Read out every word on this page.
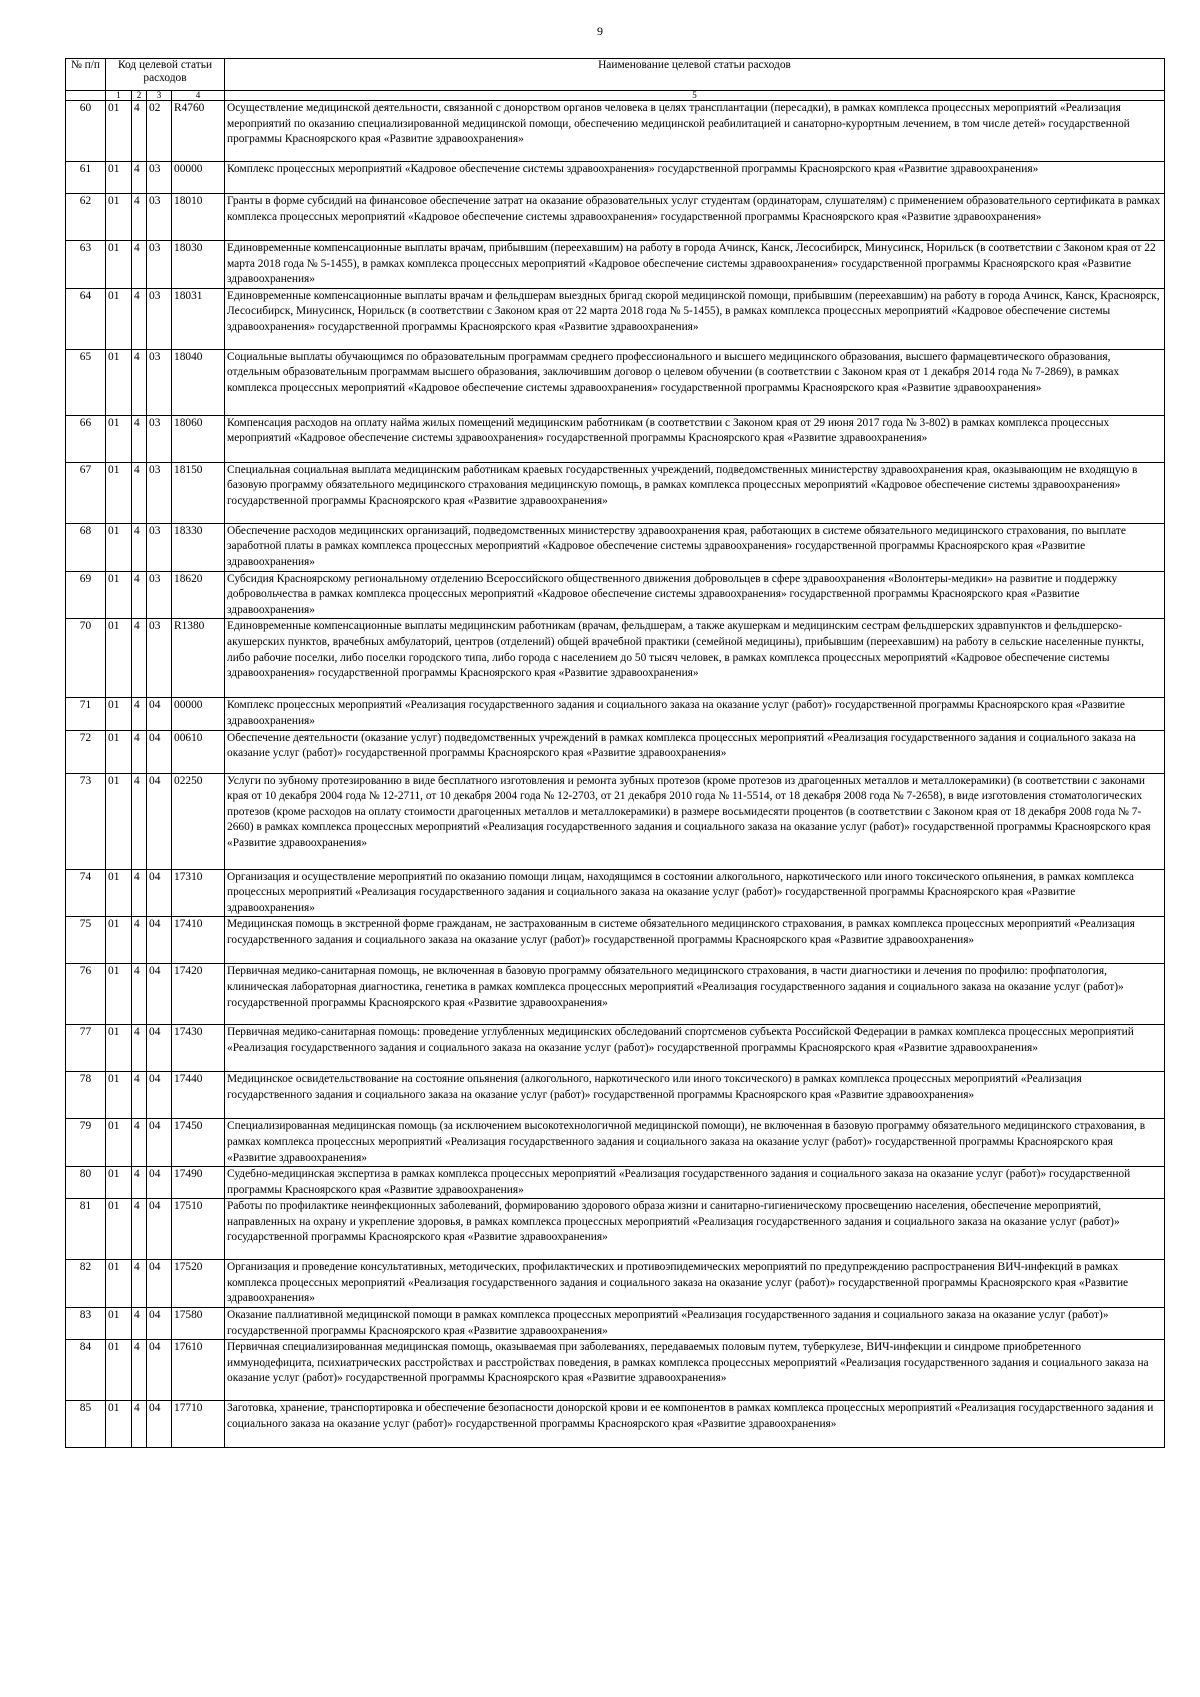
9
№ п/п	Код целевой статьи расходов				Наименование целевой статьи расходов
	1	2	3	4	5
60	01	4	02	R4760	Осуществление медицинской деятельности, связанной с донорством органов человека в целях трансплантации (пересадки), в рамках комплекса процессных мероприятий «Реализация мероприятий по оказанию специализированной медицинской помощи, обеспечению медицинской реабилитацией и санаторно-курортным лечением, в том числе детей» государственной программы Красноярского края «Развитие здравоохранения»
61	01	4	03	00000	Комплекс процессных мероприятий «Кадровое обеспечение системы здравоохранения» государственной программы Красноярского края «Развитие здравоохранения»
62	01	4	03	18010	Гранты в форме субсидий на финансовое обеспечение затрат на оказание образовательных услуг студентам (ординаторам, слушателям) с применением образовательного сертификата в рамках комплекса процессных мероприятий «Кадровое обеспечение системы здравоохранения» государственной программы Красноярского края «Развитие здравоохранения»
63	01	4	03	18030	Единовременные компенсационные выплаты врачам, прибывшим (переехавшим) на работу в города Ачинск, Канск, Лесосибирск, Минусинск, Норильск (в соответствии с Законом края от 22 марта 2018 года № 5-1455), в рамках комплекса процессных мероприятий «Кадровое обеспечение системы здравоохранения» государственной программы Красноярского края «Развитие здравоохранения»
64	01	4	03	18031	Единовременные компенсационные выплаты врачам и фельдшерам выездных бригад скорой медицинской помощи, прибывшим (переехавшим) на работу в города Ачинск, Канск, Красноярск, Лесосибирск, Минусинск, Норильск (в соответствии с Законом края от 22 марта 2018 года № 5-1455), в рамках комплекса процессных мероприятий «Кадровое обеспечение системы здравоохранения» государственной программы Красноярского края «Развитие здравоохранения»
65	01	4	03	18040	Социальные выплаты обучающимся по образовательным программам среднего профессионального и высшего медицинского образования, высшего фармацевтического образования, отдельным образовательным программам высшего образования, заключившим договор о целевом обучении (в соответствии с Законом края от 1 декабря 2014 года № 7-2869), в рамках комплекса процессных мероприятий «Кадровое обеспечение системы здравоохранения» государственной программы Красноярского края «Развитие здравоохранения»
66	01	4	03	18060	Компенсация расходов на оплату найма жилых помещений медицинским работникам (в соответствии с Законом края от 29 июня 2017 года № 3-802) в рамках комплекса процессных мероприятий «Кадровое обеспечение системы здравоохранения» государственной программы Красноярского края «Развитие здравоохранения»
67	01	4	03	18150	Специальная социальная выплата медицинским работникам краевых государственных учреждений, подведомственных министерству здравоохранения края, оказывающим не входящую в базовую программу обязательного медицинского страхования медицинскую помощь, в рамках комплекса процессных мероприятий «Кадровое обеспечение системы здравоохранения» государственной программы Красноярского края «Развитие здравоохранения»
68	01	4	03	18330	Обеспечение расходов медицинских организаций, подведомственных министерству здравоохранения края, работающих в системе обязательного медицинского страхования, по выплате заработной платы в рамках комплекса процессных мероприятий «Кадровое обеспечение системы здравоохранения» государственной программы Красноярского края «Развитие здравоохранения»
69	01	4	03	18620	Субсидия Красноярскому региональному отделению Всероссийского общественного движения добровольцев в сфере здравоохранения «Волонтеры-медики» на развитие и поддержку добровольчества в рамках комплекса процессных мероприятий «Кадровое обеспечение системы здравоохранения» государственной программы Красноярского края «Развитие здравоохранения»
70	01	4	03	R1380	Единовременные компенсационные выплаты медицинским работникам (врачам, фельдшерам, а также акушеркам и медицинским сестрам фельдшерских здравпунктов и фельдшерско-акушерских пунктов, врачебных амбулаторий, центров (отделений) общей врачебной практики (семейной медицины), прибывшим (переехавшим) на работу в сельские населенные пункты, либо рабочие поселки, либо поселки городского типа, либо города с населением до 50 тысяч человек, в рамках комплекса процессных мероприятий «Кадровое обеспечение системы здравоохранения» государственной программы Красноярского края «Развитие здравоохранения»
71	01	4	04	00000	Комплекс процессных мероприятий «Реализация государственного задания и социального заказа на оказание услуг (работ)» государственной программы Красноярского края «Развитие здравоохранения»
72	01	4	04	00610	Обеспечение деятельности (оказание услуг) подведомственных учреждений в рамках комплекса процессных мероприятий «Реализация государственного задания и социального заказа на оказание услуг (работ)» государственной программы Красноярского края «Развитие здравоохранения»
73	01	4	04	02250	Услуги по зубному протезированию в виде бесплатного изготовления и ремонта зубных протезов (кроме протезов из драгоценных металлов и металлокерамики) (в соответствии с законами края от 10 декабря 2004 года № 12-2711, от 10 декабря 2004 года № 12-2703, от 21 декабря 2010 года № 11-5514, от 18 декабря 2008 года № 7-2658), в виде изготовления стоматологических протезов (кроме расходов на оплату стоимости драгоценных металлов и металлокерамики) в размере восьмидесяти процентов (в соответствии с Законом края от 18 декабря 2008 года № 7-2660) в рамках комплекса процессных мероприятий «Реализация государственного задания и социального заказа на оказание услуг (работ)» государственной программы Красноярского края «Развитие здравоохранения»
74	01	4	04	17310	Организация и осуществление мероприятий по оказанию помощи лицам, находящимся в состоянии алкогольного, наркотического или иного токсического опьянения, в рамках комплекса процессных мероприятий «Реализация государственного задания и социального заказа на оказание услуг (работ)» государственной программы Красноярского края «Развитие здравоохранения»
75	01	4	04	17410	Медицинская помощь в экстренной форме гражданам, не застрахованным в системе обязательного медицинского страхования, в рамках комплекса процессных мероприятий «Реализация государственного задания и социального заказа на оказание услуг (работ)» государственной программы Красноярского края «Развитие здравоохранения»
76	01	4	04	17420	Первичная медико-санитарная помощь, не включенная в базовую программу обязательного медицинского страхования, в части диагностики и лечения по профилю: профпатология, клиническая лабораторная диагностика, генетика в рамках комплекса процессных мероприятий «Реализация государственного задания и социального заказа на оказание услуг (работ)» государственной программы Красноярского края «Развитие здравоохранения»
77	01	4	04	17430	Первичная медико-санитарная помощь: проведение углубленных медицинских обследований спортсменов субъекта Российской Федерации в рамках комплекса процессных мероприятий «Реализация государственного задания и социального заказа на оказание услуг (работ)» государственной программы Красноярского края «Развитие здравоохранения»
78	01	4	04	17440	Медицинское освидетельствование на состояние опьянения (алкогольного, наркотического или иного токсического) в рамках комплекса процессных мероприятий «Реализация государственного задания и социального заказа на оказание услуг (работ)» государственной программы Красноярского края «Развитие здравоохранения»
79	01	4	04	17450	Специализированная медицинская помощь (за исключением высокотехнологичной медицинской помощи), не включенная в базовую программу обязательного медицинского страхования, в рамках комплекса процессных мероприятий «Реализация государственного задания и социального заказа на оказание услуг (работ)» государственной программы Красноярского края «Развитие здравоохранения»
80	01	4	04	17490	Судебно-медицинская экспертиза в рамках комплекса процессных мероприятий «Реализация государственного задания и социального заказа на оказание услуг (работ)» государственной программы Красноярского края «Развитие здравоохранения»
81	01	4	04	17510	Работы по профилактике неинфекционных заболеваний, формированию здорового образа жизни и санитарно-гигиеническому просвещению населения, обеспечение мероприятий, направленных на охрану и укрепление здоровья, в рамках комплекса процессных мероприятий «Реализация государственного задания и социального заказа на оказание услуг (работ)» государственной программы Красноярского края «Развитие здравоохранения»
82	01	4	04	17520	Организация и проведение консультативных, методических, профилактических и противоэпидемических мероприятий по предупреждению распространения ВИЧ-инфекций в рамках комплекса процессных мероприятий «Реализация государственного задания и социального заказа на оказание услуг (работ)» государственной программы Красноярского края «Развитие здравоохранения»
83	01	4	04	17580	Оказание паллиативной медицинской помощи в рамках комплекса процессных мероприятий «Реализация государственного задания и социального заказа на оказание услуг (работ)» государственной программы Красноярского края «Развитие здравоохранения»
84	01	4	04	17610	Первичная специализированная медицинская помощь, оказываемая при заболеваниях, передаваемых половым путем, туберкулезе, ВИЧ-инфекции и синдроме приобретенного иммунодефицита, психиатрических расстройствах и расстройствах поведения, в рамках комплекса процессных мероприятий «Реализация государственного задания и социального заказа на оказание услуг (работ)» государственной программы Красноярского края «Развитие здравоохранения»
85	01	4	04	17710	Заготовка, хранение, транспортировка и обеспечение безопасности донорской крови и ее компонентов в рамках комплекса процессных мероприятий «Реализация государственного задания и социального заказа на оказание услуг (работ)» государственной программы Красноярского края «Развитие здравоохранения»
